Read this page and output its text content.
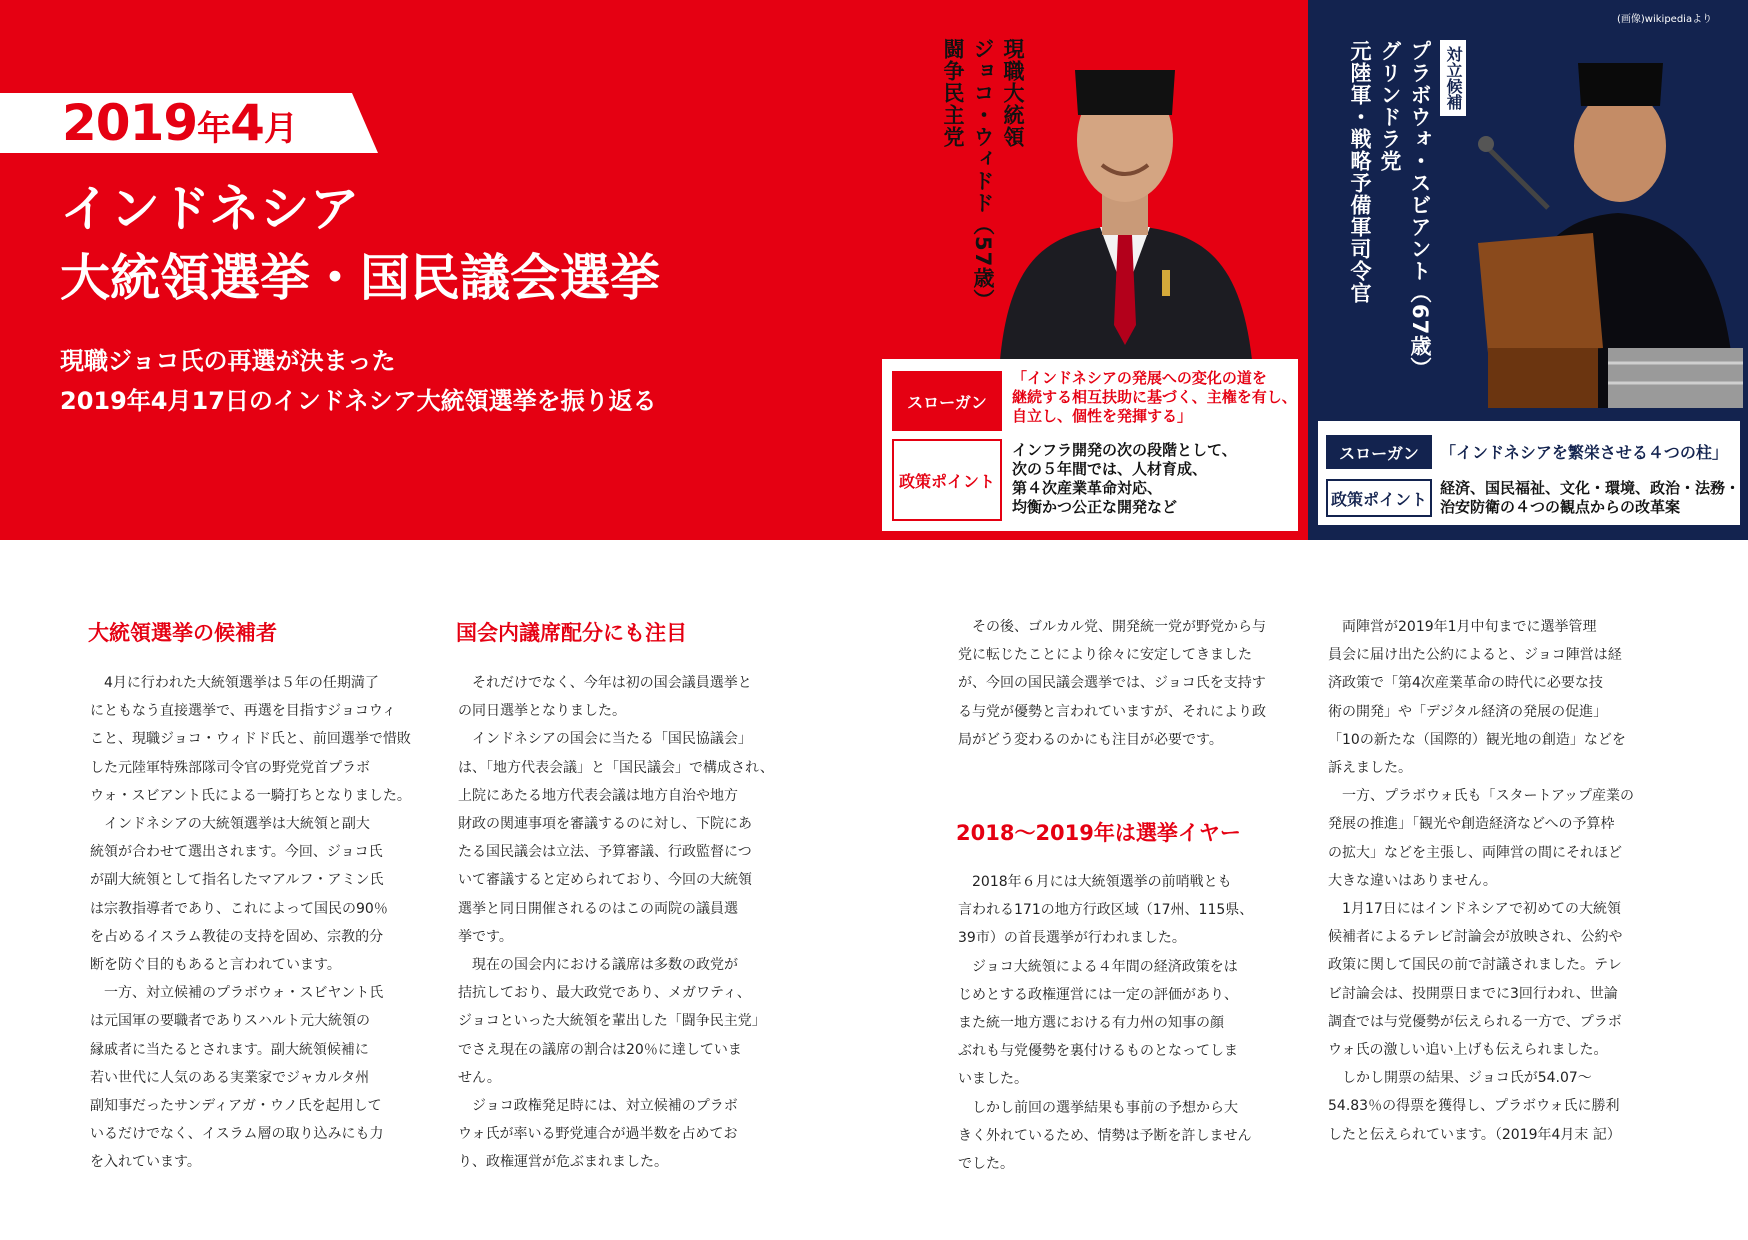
2019年4月
インドネシア
大統領選挙・国民議会選挙
現職ジョコ氏の再選が決まった
2019年4月17日のインドネシア大統領選挙を振り返る
現職大統領
ジョコ・ウィドド（57歳）
闘争民主党
スローガン
政策ポイント
「インドネシアの発展への変化の道を
継続する相互扶助に基づく、主権を有し、
自立し、個性を発揮する」
インフラ開発の次の段階として、
次の５年間では、人材育成、
第４次産業革命対応、
均衡かつ公正な開発など
(画像)wikipediaより
対立候補
プラボウォ・スビアント（67歳）
グリンドラ党
元陸軍・戦略予備軍司令官
スローガン
政策ポイント
「インドネシアを繁栄させる４つの柱」
経済、国民福祉、文化・環境、政治・法務・
治安防衛の４つの観点からの改革案
大統領選挙の候補者

4月に行われた大統領選挙は５年の任期満了
にともなう直接選挙で、再選を目指すジョコウィ
こと、現職ジョコ・ウィドド氏と、前回選挙で惜敗
した元陸軍特殊部隊司令官の野党党首プラボ
ウォ・スビアント氏による一騎打ちとなりました。

インドネシアの大統領選挙は大統領と副大
統領が合わせて選出されます。今回、ジョコ氏
が副大統領として指名したマアルフ・アミン氏
は宗教指導者であり、これによって国民の90％
を占めるイスラム教徒の支持を固め、宗教的分
断を防ぐ目的もあると言われています。

一方、対立候補のプラボウォ・スビヤント氏
は元国軍の要職者でありスハルト元大統領の
縁戚者に当たるとされます。副大統領候補に
若い世代に人気のある実業家でジャカルタ州
副知事だったサンディアガ・ウノ氏を起用して
いるだけでなく、イスラム層の取り込みにも力
を入れています。

国会内議席配分にも注目

それだけでなく、今年は初の国会議員選挙と
の同日選挙となりました。

インドネシアの国会に当たる「国民協議会」
は、「地方代表会議」と「国民議会」で構成され、
上院にあたる地方代表会議は地方自治や地方
財政の関連事項を審議するのに対し、下院にあ
たる国民議会は立法、予算審議、行政監督につ
いて審議すると定められており、今回の大統領
選挙と同日開催されるのはこの両院の議員選
挙です。

現在の国会内における議席は多数の政党が
拮抗しており、最大政党であり、メガワティ、
ジョコといった大統領を輩出した「闘争民主党」
でさえ現在の議席の割合は20％に達していま
せん。

ジョコ政権発足時には、対立候補のプラボ
ウォ氏が率いる野党連合が過半数を占めてお
り、政権運営が危ぶまれました。

その後、ゴルカル党、開発統一党が野党から与
党に転じたことにより徐々に安定してきました
が、今回の国民議会選挙では、ジョコ氏を支持す
る与党が優勢と言われていますが、それにより政
局がどう変わるのかにも注目が必要です。

2018〜2019年は選挙イヤー

2018年６月には大統領選挙の前哨戦とも
言われる171の地方行政区域（17州、115県、
39市）の首長選挙が行われました。

ジョコ大統領による４年間の経済政策をは
じめとする政権運営には一定の評価があり、
また統一地方選における有力州の知事の顔
ぶれも与党優勢を裏付けるものとなってしま
いました。

しかし前回の選挙結果も事前の予想から大
きく外れているため、情勢は予断を許しません
でした。

両陣営が2019年1月中旬までに選挙管理
員会に届け出た公約によると、ジョコ陣営は経
済政策で「第4次産業革命の時代に必要な技
術の開発」や「デジタル経済の発展の促進」
「10の新たな（国際的）観光地の創造」などを
訴えました。

一方、プラボウォ氏も「スタートアップ産業の
発展の推進」「観光や創造経済などへの予算枠
の拡大」などを主張し、両陣営の間にそれほど
大きな違いはありません。

1月17日にはインドネシアで初めての大統領
候補者によるテレビ討論会が放映され、公約や
政策に関して国民の前で討議されました。テレ
ビ討論会は、投開票日までに3回行われ、世論
調査では与党優勢が伝えられる一方で、プラボ
ウォ氏の激しい追い上げも伝えられました。

しかし開票の結果、ジョコ氏が54.07〜
54.83％の得票を獲得し、プラボウォ氏に勝利
したと伝えられています。（2019年4月末 記）
